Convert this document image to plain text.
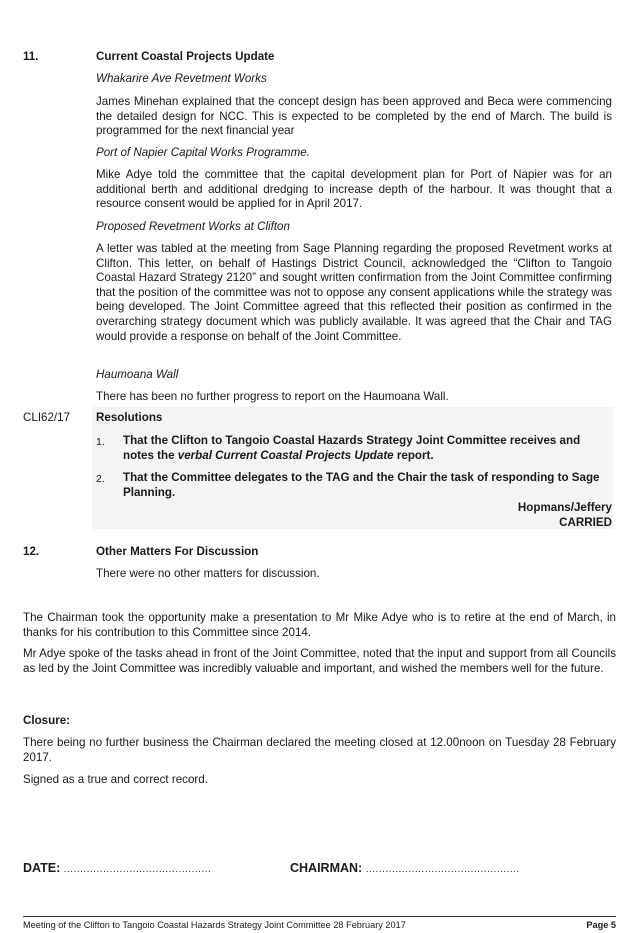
11.	Current Coastal Projects Update
Whakarire Ave Revetment Works
James Minehan explained that the concept design has been approved and Beca were commencing the detailed design for NCC. This is expected to be completed by the end of March. The build is programmed for the next financial year
Port of Napier Capital Works Programme.
Mike Adye told the committee that the capital development plan for Port of Napier was for an additional berth and additional dredging to increase depth of the harbour. It was thought that a resource consent would be applied for in April 2017.
Proposed Revetment Works at Clifton
A letter was tabled at the meeting from Sage Planning regarding the proposed Revetment works at Clifton. This letter, on behalf of Hastings District Council, acknowledged the “Clifton to Tangoio Coastal Hazard Strategy 2120” and sought written confirmation from the Joint Committee confirming that the position of the committee was not to oppose any consent applications while the strategy was being developed. The Joint Committee agreed that this reflected their position as confirmed in the overarching strategy document which was publicly available. It was agreed that the Chair and TAG would provide a response on behalf of the Joint Committee.
Haumoana Wall
There has been no further progress to report on the Haumoana Wall.
CLI62/17 Resolutions
1. That the Clifton to Tangoio Coastal Hazards Strategy Joint Committee receives and notes the verbal Current Coastal Projects Update report.
2. That the Committee delegates to the TAG and the Chair the task of responding to Sage Planning.
Hopmans/Jeffery
CARRIED
12.	Other Matters For Discussion
There were no other matters for discussion.
The Chairman took the opportunity make a presentation to Mr Mike Adye who is to retire at the end of March, in thanks for his contribution to this Committee since 2014.
Mr Adye spoke of the tasks ahead in front of the Joint Committee, noted that the input and support from all Councils as led by the Joint Committee was incredibly valuable and important, and wished the members well for the future.
Closure:
There being no further business the Chairman declared the meeting closed at 12.00noon on Tuesday 28 February 2017.
Signed as a true and correct record.
DATE: .............................................	CHAIRMAN: ...............................................
Meeting of the Clifton to Tangoio Coastal Hazards Strategy Joint Committee 28 February 2017	Page 5
